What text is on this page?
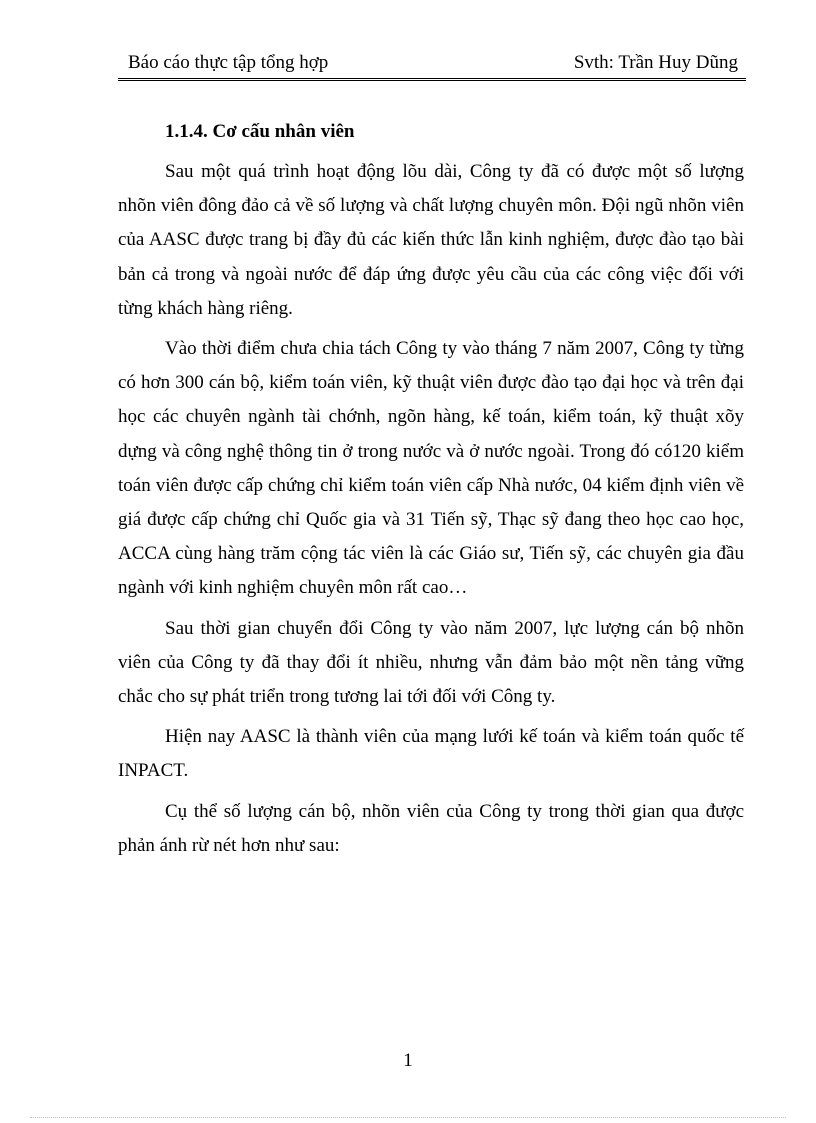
Báo cáo thực tập tổng hợp	Svth: Trần Huy Dũng
1.1.4. Cơ cấu nhân viên

Sau một quá trình hoạt động lõu dài, Công ty đã có được một số lượng nhõn viên đông đảo cả về số lượng và chất lượng chuyên môn. Đội ngũ nhõn viên của AASC được trang bị đầy đủ các kiến thức lẫn kinh nghiệm, được đào tạo bài bản cả trong và ngoài nước để đáp ứng được yêu cầu của các công việc đối với từng khách hàng riêng.

Vào thời điểm chưa chia tách Công ty vào tháng 7 năm 2007, Công ty từng có hơn 300 cán bộ, kiểm toán viên, kỹ thuật viên được đào tạo đại học và trên đại học các chuyên ngành tài chớnh, ngõn hàng, kế toán, kiểm toán, kỹ thuật xõy dựng và công nghệ thông tin ở trong nước và ở nước ngoài. Trong đó có120 kiểm toán viên được cấp chứng chỉ kiểm toán viên cấp Nhà nước, 04 kiểm định viên về giá được cấp chứng chỉ Quốc gia và 31 Tiến sỹ, Thạc sỹ đang theo học cao học, ACCA cùng hàng trăm cộng tác viên là các Giáo sư, Tiến sỹ, các chuyên gia đầu ngành với kinh nghiệm chuyên môn rất cao…

Sau thời gian chuyển đổi Công ty vào năm 2007, lực lượng cán bộ nhõn viên của Công ty đã thay đổi ít nhiều, nhưng vẫn đảm bảo một nền tảng vững chắc cho sự phát triển trong tương lai tới đối với Công ty.

Hiện nay AASC là thành viên của mạng lưới kế toán và kiểm toán quốc tế INPACT.

Cụ thể số lượng cán bộ, nhõn viên của Công ty trong thời gian qua được phản ánh rừ nét hơn như sau:

1
